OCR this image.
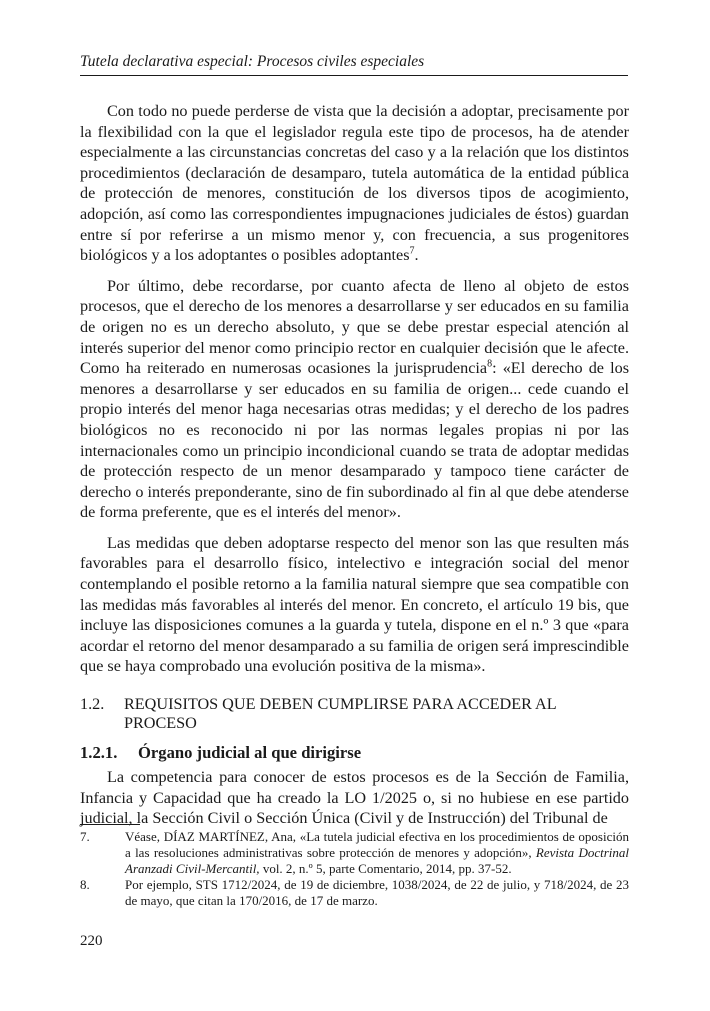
Tutela declarativa especial: Procesos civiles especiales

Con todo no puede perderse de vista que la decisión a adoptar, precisamente por la flexibilidad con la que el legislador regula este tipo de procesos, ha de atender especialmente a las circunstancias concretas del caso y a la relación que los distintos procedimientos (declaración de desamparo, tutela automática de la entidad pública de protección de menores, constitución de los diversos tipos de acogimiento, adopción, así como las correspondientes impugnaciones judiciales de éstos) guardan entre sí por referirse a un mismo menor y, con frecuencia, a sus progenitores biológicos y a los adoptantes o posibles adoptantes$^7$.

Por último, debe recordarse, por cuanto afecta de lleno al objeto de estos procesos, que el derecho de los menores a desarrollarse y ser educados en su familia de origen no es un derecho absoluto, y que se debe prestar especial atención al interés superior del menor como principio rector en cualquier decisión que le afecte. Como ha reiterado en numerosas ocasiones la jurisprudencia$^8$: «El derecho de los menores a desarrollarse y ser educados en su familia de origen... cede cuando el propio interés del menor haga necesarias otras medidas; y el derecho de los padres biológicos no es reconocido ni por las normas legales propias ni por las internacionales como un principio incondicional cuando se trata de adoptar medidas de protección respecto de un menor desamparado y tampoco tiene carácter de derecho o interés preponderante, sino de fin subordinado al fin al que debe atenderse de forma preferente, que es el interés del menor».

Las medidas que deben adoptarse respecto del menor son las que resulten más favorables para el desarrollo físico, intelectivo e integración social del menor contemplando el posible retorno a la familia natural siempre que sea compatible con las medidas más favorables al interés del menor. En concreto, el artículo 19 bis, que incluye las disposiciones comunes a la guarda y tutela, dispone en el n.º 3 que «para acordar el retorno del menor desamparado a su familia de origen será imprescindible que se haya comprobado una evolución positiva de la misma».

1.2.	REQUISITOS QUE DEBEN CUMPLIRSE PARA ACCEDER AL PROCESO
1.2.1.	Órgano judicial al que dirigirse

La competencia para conocer de estos procesos es de la Sección de Familia, Infancia y Capacidad que ha creado la LO 1/2025 o, si no hubiese en ese partido judicial, la Sección Civil o Sección Única (Civil y de Instrucción) del Tribunal de

7.	Véase, DÍAZ MARTÍNEZ, Ana, «La tutela judicial efectiva en los procedimientos de oposición a las resoluciones administrativas sobre protección de menores y adopción», Revista Doctrinal Aranzadi Civil-Mercantil, vol. 2, n.º 5, parte Comentario, 2014, pp. 37-52.
8.	Por ejemplo, STS 1712/2024, de 19 de diciembre, 1038/2024, de 22 de julio, y 718/2024, de 23 de mayo, que citan la 170/2016, de 17 de marzo.
220
